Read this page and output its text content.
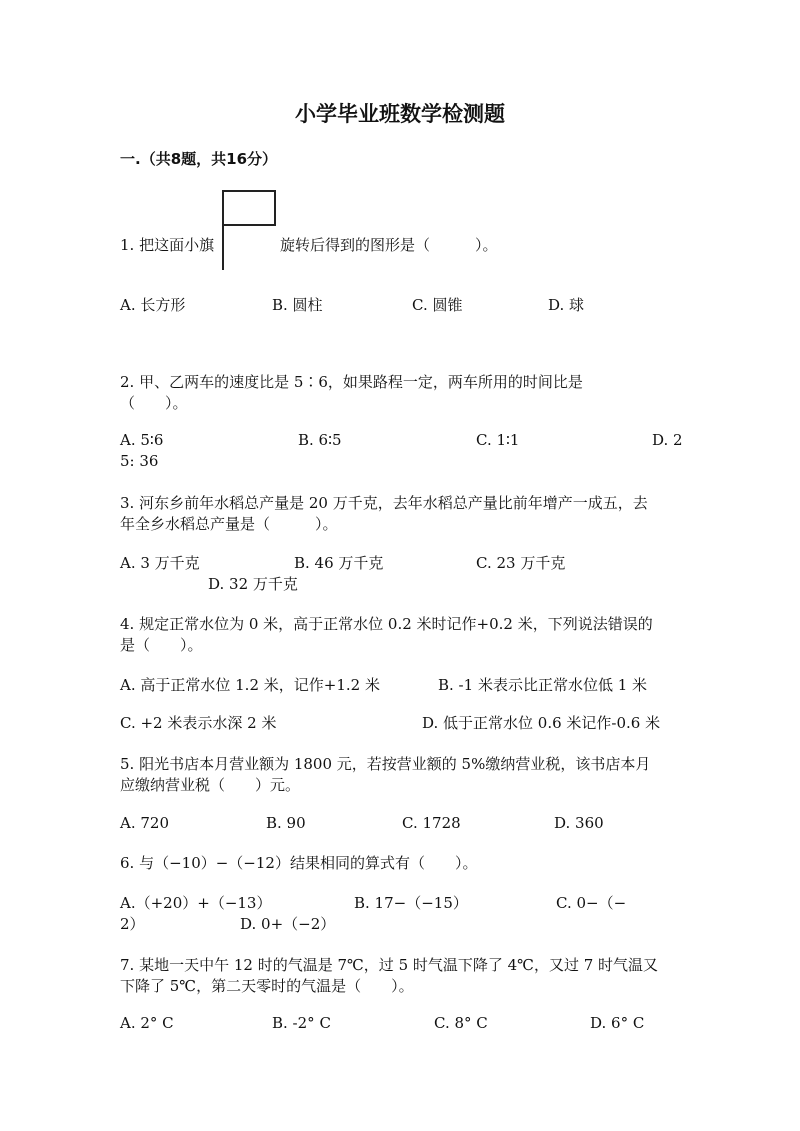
小学毕业班数学检测题
一.（共8题，共16分）
1. 把这面小旗	旋转后得到的图形是（　　　）。
A. 长方形	B. 圆柱	C. 圆锥	D. 球
2. 甲、乙两车的速度比是 5∶6，如果路程一定，两车所用的时间比是
（　　）。
A. 5∶6	B. 6∶5	C. 1∶1	D. 2
5: 36
3. 河东乡前年水稻总产量是 20 万千克，去年水稻总产量比前年增产一成五，去
年全乡水稻总产量是（　　　）。
A. 3 万千克	B. 46 万千克	C. 23 万千克
D. 32 万千克
4. 规定正常水位为 0 米，高于正常水位 0.2 米时记作+0.2 米，下列说法错误的
是（　　）。
A. 高于正常水位 1.2 米，记作+1.2 米	B. -1 米表示比正常水位低 1 米
C. +2 米表示水深 2 米	D. 低于正常水位 0.6 米记作-0.6 米
5. 阳光书店本月营业额为 1800 元，若按营业额的 5%缴纳营业税，该书店本月
应缴纳营业税（　　）元。
A. 720	B. 90	C. 1728	D. 360
6. 与（−10）−（−12）结果相同的算式有（　　）。
A.（+20）+（−13）	B. 17−（−15）	C. 0−（−
2）	D. 0+（−2）
7. 某地一天中午 12 时的气温是 7℃，过 5 时气温下降了 4℃，又过 7 时气温又
下降了 5℃，第二天零时的气温是（　　）。
A. 2° C	B. -2° C	C. 8° C	D. 6° C
